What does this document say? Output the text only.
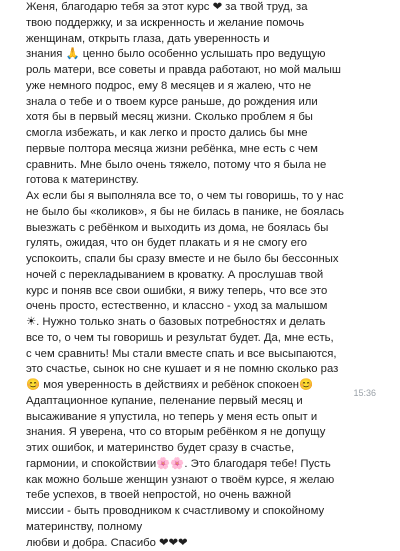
Женя, благодарю тебя за этот курс ❤ за твой труд, за
твою поддержку, и за искренность и желание помочь
женщинам, открыть глаза, дать уверенность и
знания 🙏 ценно было особенно услышать про ведущую
роль матери, все советы и правда работают, но мой малыш
уже немного подрос, ему 8 месяцев и я жалею, что не
знала о тебе и о твоем курсе раньше, до рождения или
хотя бы в первый месяц жизни. Сколько проблем я бы
смогла избежать, и как легко и просто дались бы мне
первые полтора месяца жизни ребёнка, мне есть с чем
сравнить. Мне было очень тяжело, потому что я была не
готова к материнству.
Ах если бы я выполняла все то, о чем ты говоришь, то у нас
не было бы «коликов», я бы не билась в панике, не боялась
выезжать с ребёнком и выходить из дома, не боялась бы
гулять, ожидая, что он будет плакать и я не смогу его
успокоить, спали бы сразу вместе и не было бы бессонных
ночей с перекладыванием в кроватку. А прослушав твой
курс и поняв все свои ошибки, я вижу теперь, что все это
очень просто, естественно, и классно - уход за малышом
☀. Нужно только знать о базовых потребностях и делать
все то, о чем ты говоришь и результат будет. Да, мне есть,
с чем сравнить! Мы стали вместе спать и все высыпаются,
это счастье, сынок но сне кушает и я не помню сколько раз
😊 моя уверенность в действиях и ребёнок спокоен😊
Адаптационное купание, пеленание первый месяц и
высаживание я упустила, но теперь у меня есть опыт и
знания. Я уверена, что со вторым ребёнком я не допущу
этих ошибок, и материнство будет сразу в счастье,
гармонии, и спокойствии🌸🌸. Это благодаря тебе! Пусть
как можно больше женщин узнают о твоём курсе, я желаю
тебе успехов, в твоей непростой, но очень важной
миссии - быть проводником к счастливому и спокойному
материнству, полному
любви и добра. Спасибо ❤❤❤
15:36
